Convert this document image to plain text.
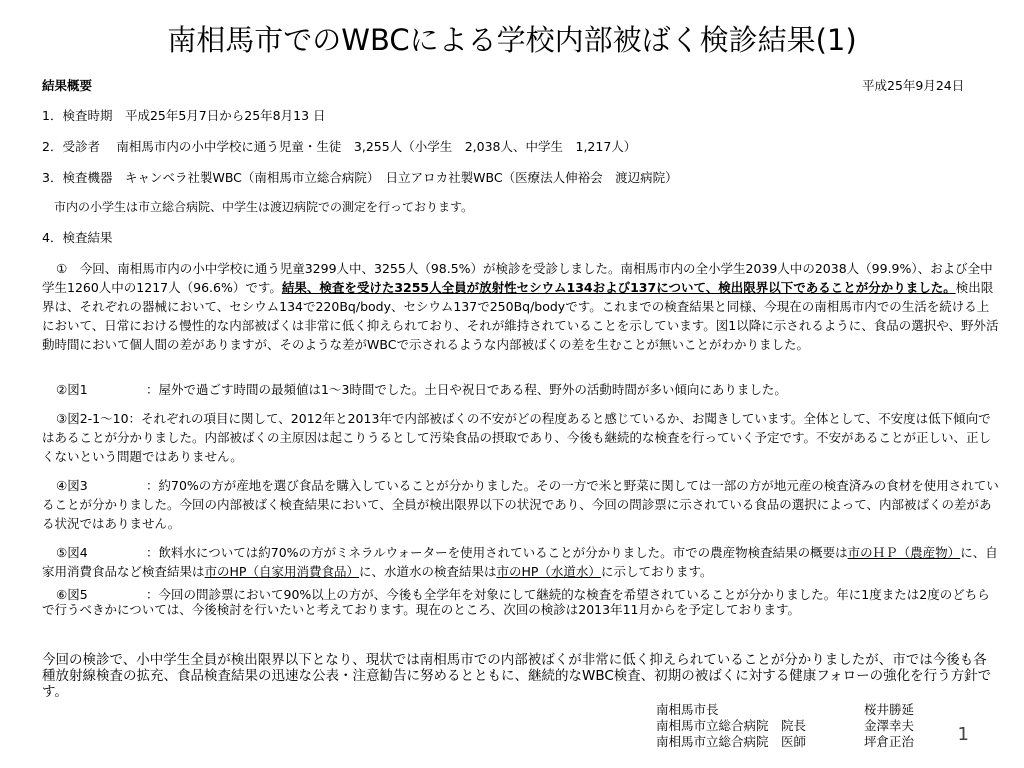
南相馬市でのWBCによる学校内部被ばく検診結果(1)
結果概要	平成25年9月24日
1．検査時期　平成25年5月7日から25年8月13 日
2．受診者　 南相馬市内の小中学校に通う児童・生徒　3,255人（小学生　2,038人、中学生　1,217人）
3．検査機器　キャンベラ社製WBC（南相馬市立総合病院）　日立アロカ社製WBC（医療法人伸裕会　渡辺病院）
市内の小学生は市立総合病院、中学生は渡辺病院での測定を行っております。
4．検査結果
①　今回、南相馬市内の小中学校に通う児童3299人中、3255人（98.5%）が検診を受診しました。南相馬市内の全小学生2039人中の2038人（99.9%）、および全中学生1260人中の1217人（96.6%）です。結果、検査を受けた3255人全員が放射性セシウム134および137について、検出限界以下であることが分かりました。検出限界は、それぞれの器械において、セシウム134で220Bq/body、セシウム137で250Bq/bodyです。これまでの検査結果と同様、今現在の南相馬市内での生活を続ける上において、日常における慢性的な内部被ばくは非常に低く抑えられており、それが維持されていることを示しています。図1以降に示されるように、食品の選択や、野外活動時間において個人間の差がありますが、そのような差がWBCで示されるような内部被ばくの差を生むことが無いことがわかりました。
②図1	：屋外で過ごす時間の最頻値は1～3時間でした。土日や祝日である程、野外の活動時間が多い傾向にありました。
③図2-1～10：それぞれの項目に関して、2012年と2013年で内部被ばくの不安がどの程度あると感じているか、お聞きしています。全体として、不安度は低下傾向ではあることが分かりました。内部被ばくの主原因は起こりうるとして汚染食品の摂取であり、今後も継続的な検査を行っていく予定です。不安があることが正しい、正しくないという問題ではありません。
④図3	：約70%の方が産地を選び食品を購入していることが分かりました。その一方で米と野菜に関しては一部の方が地元産の検査済みの食材を使用されていることが分かりました。今回の内部被ばく検査結果において、全員が検出限界以下の状況であり、今回の問診票に示されている食品の選択によって、内部被ばくの差がある状況ではありません。
⑤図4	：飲料水については約70%の方がミネラルウォーターを使用されていることが分かりました。市での農産物検査結果の概要は市のＨＰ（農産物）に、自家用消費食品など検査結果は市のHP（自家用消費食品）に、水道水の検査結果は市のHP（水道水）に示しております。
⑥図5	：今回の問診票において90%以上の方が、今後も全学年を対象にして継続的な検査を希望されていることが分かりました。年に1度または2度のどちらで行うべきかについては、今後検討を行いたいと考えております。現在のところ、次回の検診は2013年11月からを予定しております。
今回の検診で、小中学生全員が検出限界以下となり、現状では南相馬市での内部被ばくが非常に低く抑えられていることが分かりましたが、市では今後も各種放射線検査の拡充、食品検査結果の迅速な公表・注意勧告に努めるとともに、継続的なWBC検査、初期の被ばくに対する健康フォローの強化を行う方針です。
南相馬市長	桜井勝延
南相馬市立総合病院　院長	金澤幸夫
南相馬市立総合病院　医師	坪倉正治 1
